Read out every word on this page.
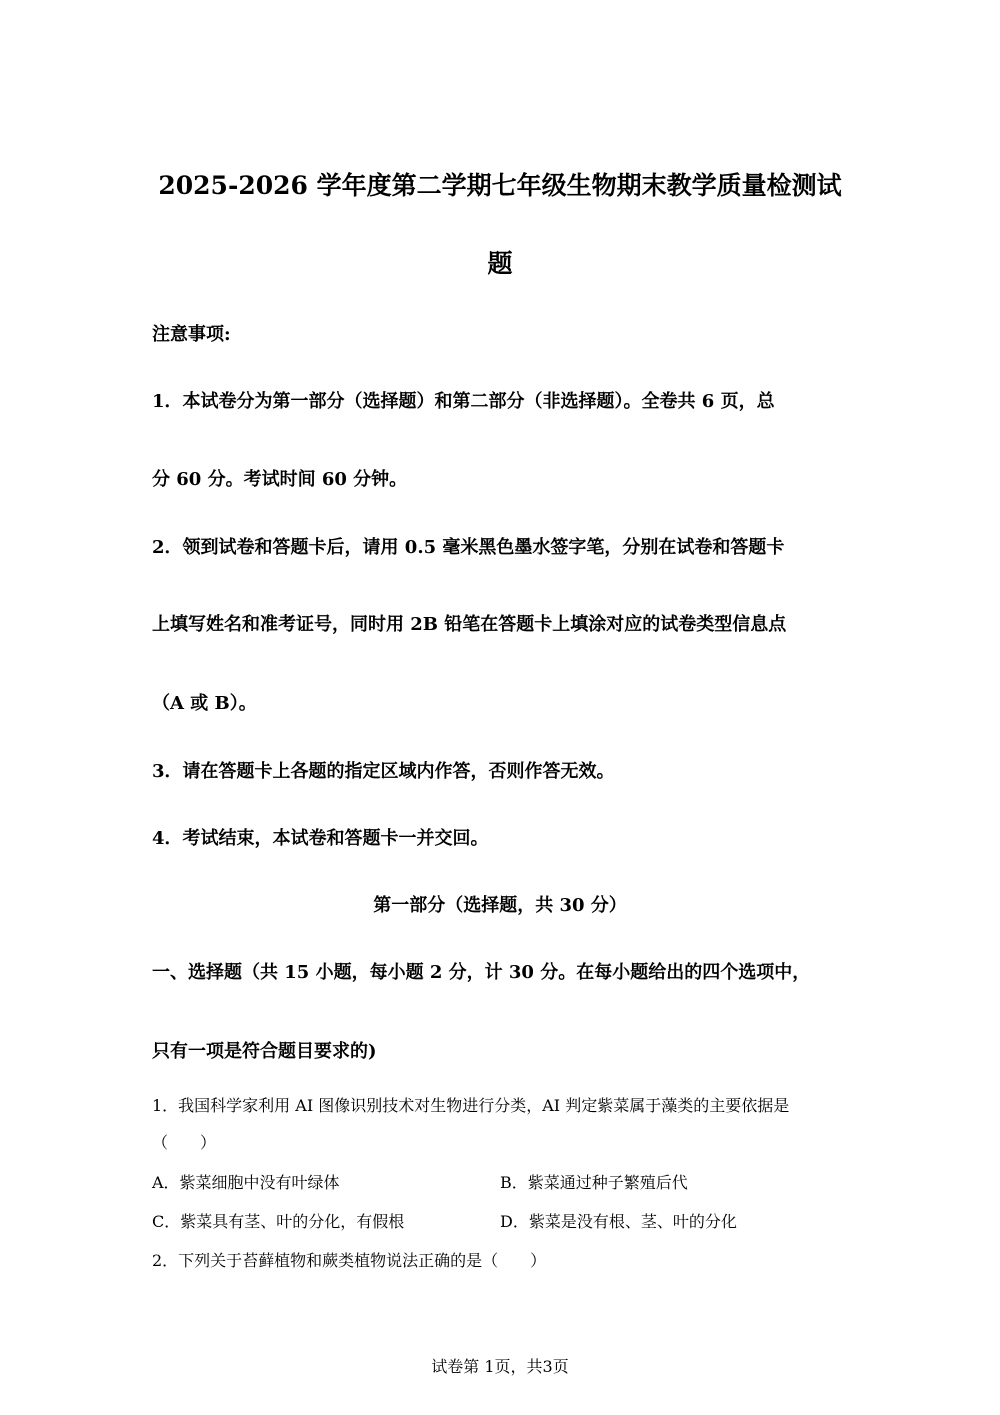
2025-2026 学年度第二学期七年级生物期末教学质量检测试
题
注意事项:
1．本试卷分为第一部分（选择题）和第二部分（非选择题）。全卷共 6 页，总
分 60 分。考试时间 60 分钟。
2．领到试卷和答题卡后，请用 0.5 毫米黑色墨水签字笔，分别在试卷和答题卡
上填写姓名和准考证号，同时用 2B 铅笔在答题卡上填涂对应的试卷类型信息点
（A 或 B）。
3．请在答题卡上各题的指定区域内作答，否则作答无效。
4．考试结束，本试卷和答题卡一并交回。
第一部分（选择题，共 30 分）
一、选择题（共 15 小题，每小题 2 分，计 30 分。在每小题给出的四个选项中，
只有一项是符合题目要求的)
1．我国科学家利用 AI 图像识别技术对生物进行分类，AI 判定紫菜属于藻类的主要依据是
（　　）
A．紫菜细胞中没有叶绿体	B．紫菜通过种子繁殖后代
C．紫菜具有茎、叶的分化，有假根	D．紫菜是没有根、茎、叶的分化
2．下列关于苔藓植物和蕨类植物说法正确的是（　　）
试卷第 1页，共3页
